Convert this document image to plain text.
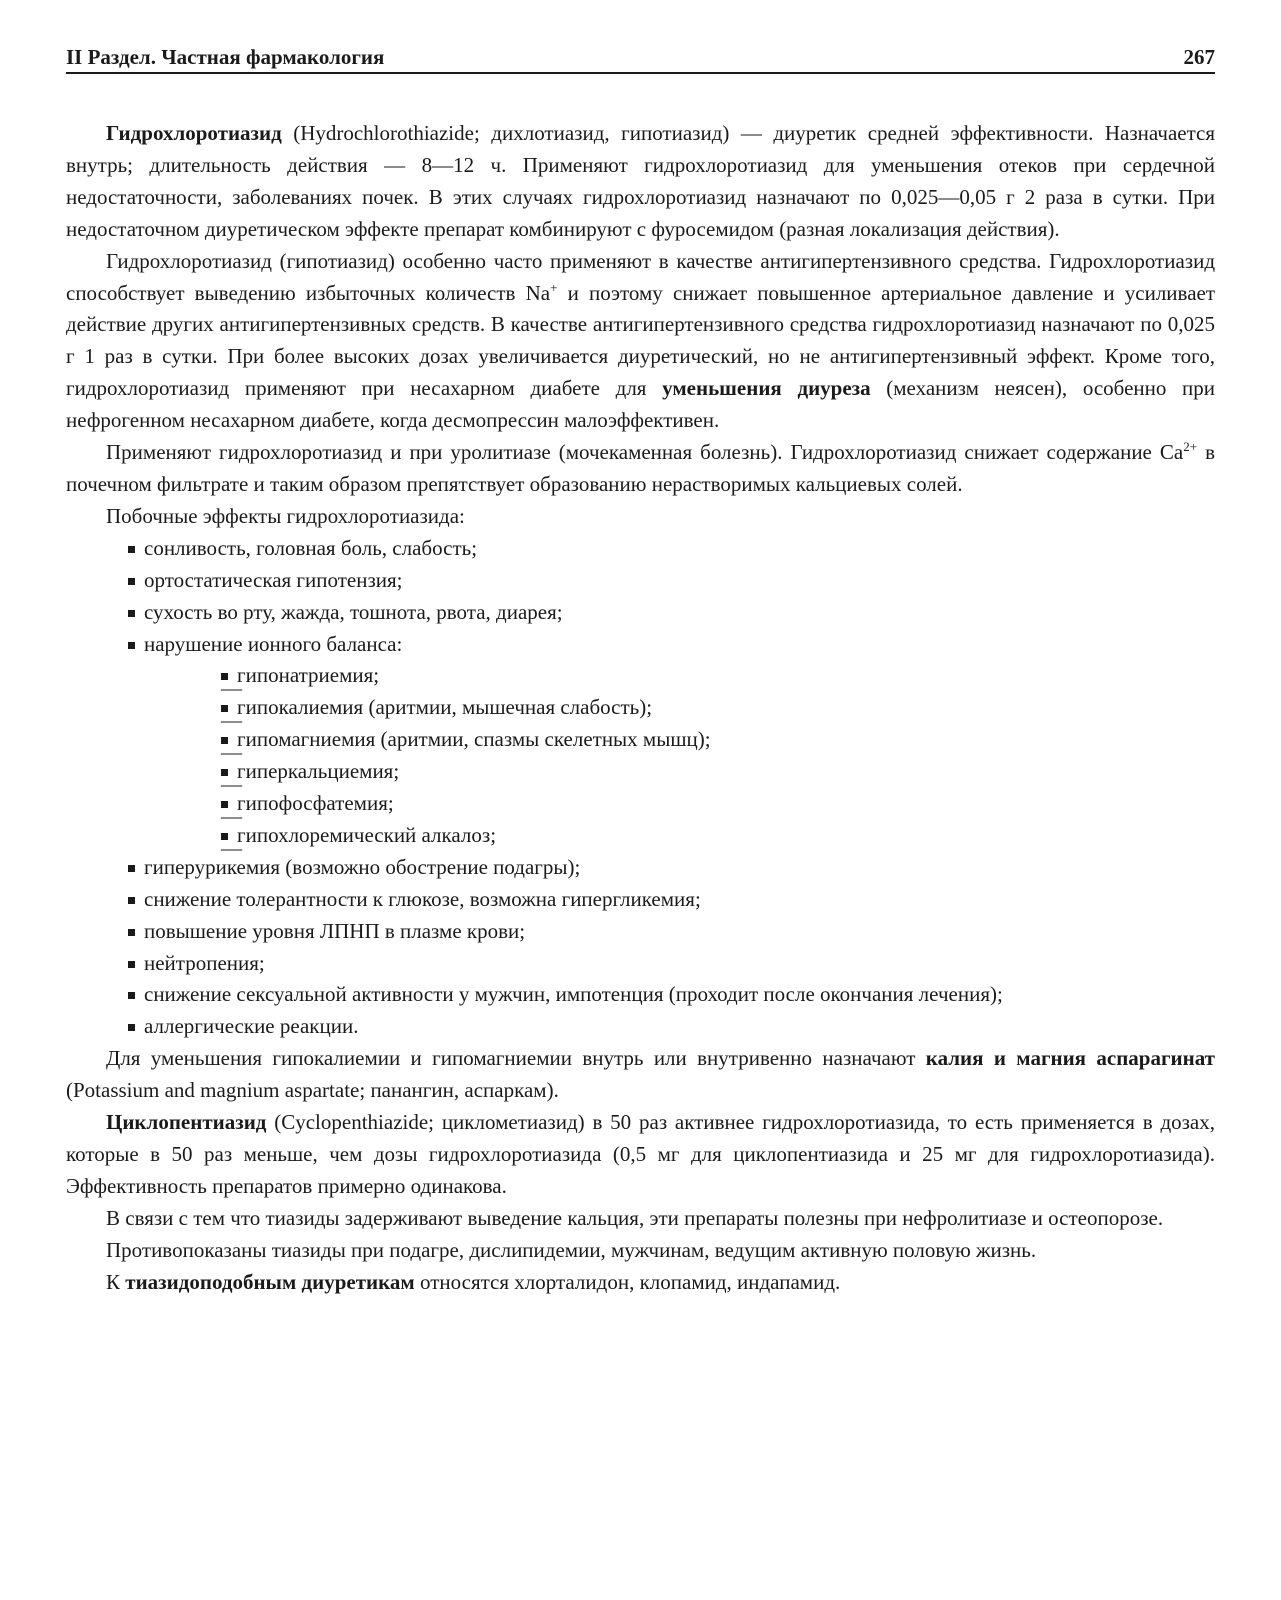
II Раздел. Частная фармакология	267

Гидрохлоротиазид (Hydrochlorothiazide; дихлотиазид, гипотиазид) — диуретик средней эффективности. Назначается внутрь; длительность действия — 8—12 ч. Применяют гидрохлоротиазид для уменьшения отеков при сердечной недостаточности, заболеваниях почек. В этих случаях гидрохлоротиазид назначают по 0,025—0,05 г 2 раза в сутки. При недостаточном диуретическом эффекте препарат комбинируют с фуросемидом (разная локализация действия).

Гидрохлоротиазид (гипотиазид) особенно часто применяют в качестве антигипертензивного средства. Гидрохлоротиазид способствует выведению избыточных количеств Na+ и поэтому снижает повышенное артериальное давление и усиливает действие других антигипертензивных средств. В качестве антигипертензивного средства гидрохлоротиазид назначают по 0,025 г 1 раз в сутки. При более высоких дозах увеличивается диуретический, но не антигипертензивный эффект. Кроме того, гидрохлоротиазид применяют при несахарном диабете для уменьшения диуреза (механизм неясен), особенно при нефрогенном несахарном диабете, когда десмопрессин малоэффективен.

Применяют гидрохлоротиазид и при уролитиазе (мочекаменная болезнь). Гидрохлоротиазид снижает содержание $Ca^{2+}$ в почечном фильтрате и таким образом препятствует образованию нерастворимых кальциевых солей.

Побочные эффекты гидрохлоротиазида:

сонливость, головная боль, слабость;
ортостатическая гипотензия;
сухость во рту, жажда, тошнота, рвота, диарея;
нарушение ионного баланса:
— гипонатриемия;
— гипокалиемия (аритмии, мышечная слабость);
— гипомагниемия (аритмии, спазмы скелетных мышц);
— гиперкальциемия;
— гипофосфатемия;
— гипохлоремический алкалоз;
гиперурикемия (возможно обострение подагры);
снижение толерантности к глюкозе, возможна гипергликемия;
повышение уровня ЛПНП в плазме крови;
нейтропения;
снижение сексуальной активности у мужчин, импотенция (проходит после окончания лечения);
аллергические реакции.

Для уменьшения гипокалиемии и гипомагниемии внутрь или внутривенно назначают калия и магния аспарагинат (Potassium and magnium aspartate; панангин, аспаркам).

Циклопентиазид (Cyclopenthiazide; циклометиазид) в 50 раз активнее гидрохлоротиазида, то есть применяется в дозах, которые в 50 раз меньше, чем дозы гидрохлоротиазида (0,5 мг для циклопентиазида и 25 мг для гидрохлоротиазида). Эффективность препаратов примерно одинакова.

В связи с тем что тиазиды задерживают выведение кальция, эти препараты полезны при нефролитиазе и остеопорозе.

Противопоказаны тиазиды при подагре, дислипидемии, мужчинам, ведущим активную половую жизнь.

К тиазидоподобным диуретикам относятся хлорталидон, клопамид, индапамид.
